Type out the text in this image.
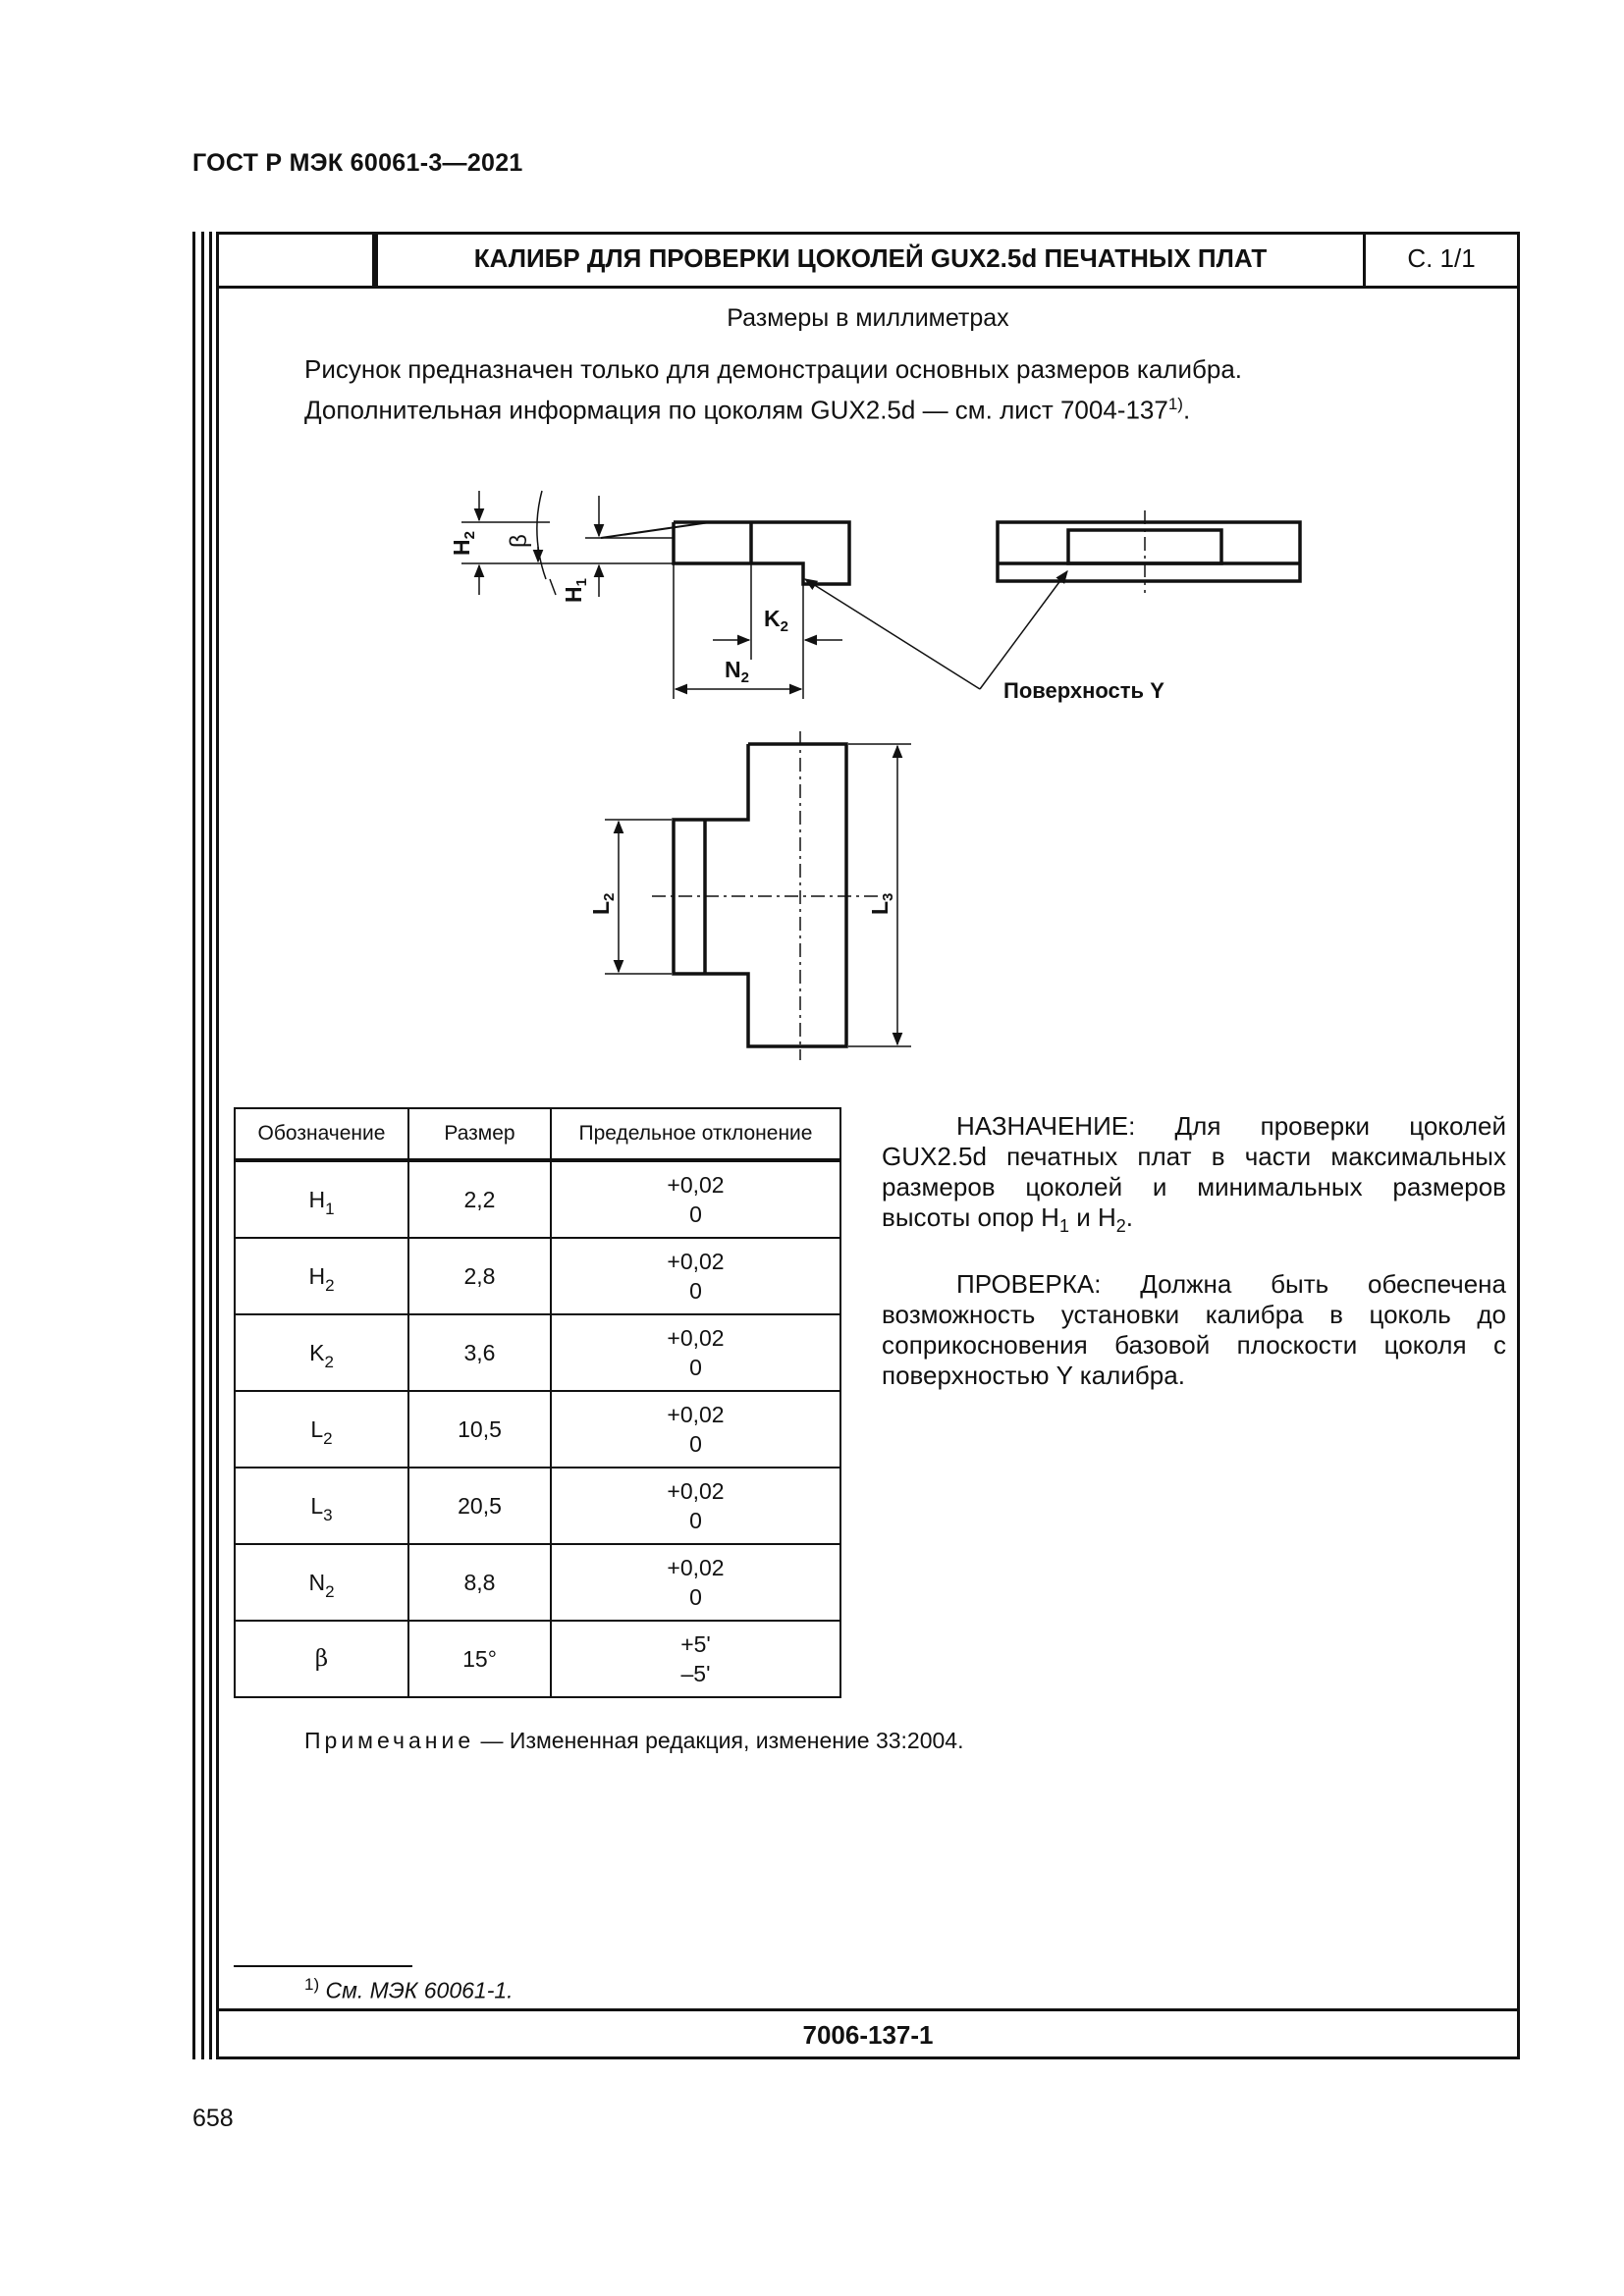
ГОСТ Р МЭК 60061-3—2021
КАЛИБР ДЛЯ ПРОВЕРКИ ЦОКОЛЕЙ GUX2.5d ПЕЧАТНЫХ ПЛАТ	С. 1/1
Размеры в миллиметрах
Рисунок предназначен только для демонстрации основных размеров калибра.
Дополнительная информация по цоколям GUX2.5d — см. лист 7004-137$^{1)}$.
$H_2$ β
$H_1$
$K_2$
$N_2$
Поверхность Y
$L_2$
$L_3$
Обозначение	Размер	Предельное отклонение
$H_1$	2,2	+0,02
0

$H_2$	2,8	+0,02
0

$K_2$	3,6	+0,02
0

$L_2$	10,5	+0,02
0

$L_3$	20,5	+0,02
0

$N_2$	8,8	+0,02
0

β	15°	+5'
–5'

НАЗНАЧЕНИЕ: Для проверки цоколей GUX2.5d печатных плат в части максимальных размеров цоколей и минимальных размеров высоты опор $H_1$ и $H_2$.

ПРОВЕРКА: Должна быть обеспечена возможность установки калибра в цоколь до соприкосновения базовой плоскости цоколя с поверхностью Y калибра.

Примечание — Измененная редакция, изменение 33:2004.
$^{1)}$ См. МЭК 60061-1.
7006-137-1
658
